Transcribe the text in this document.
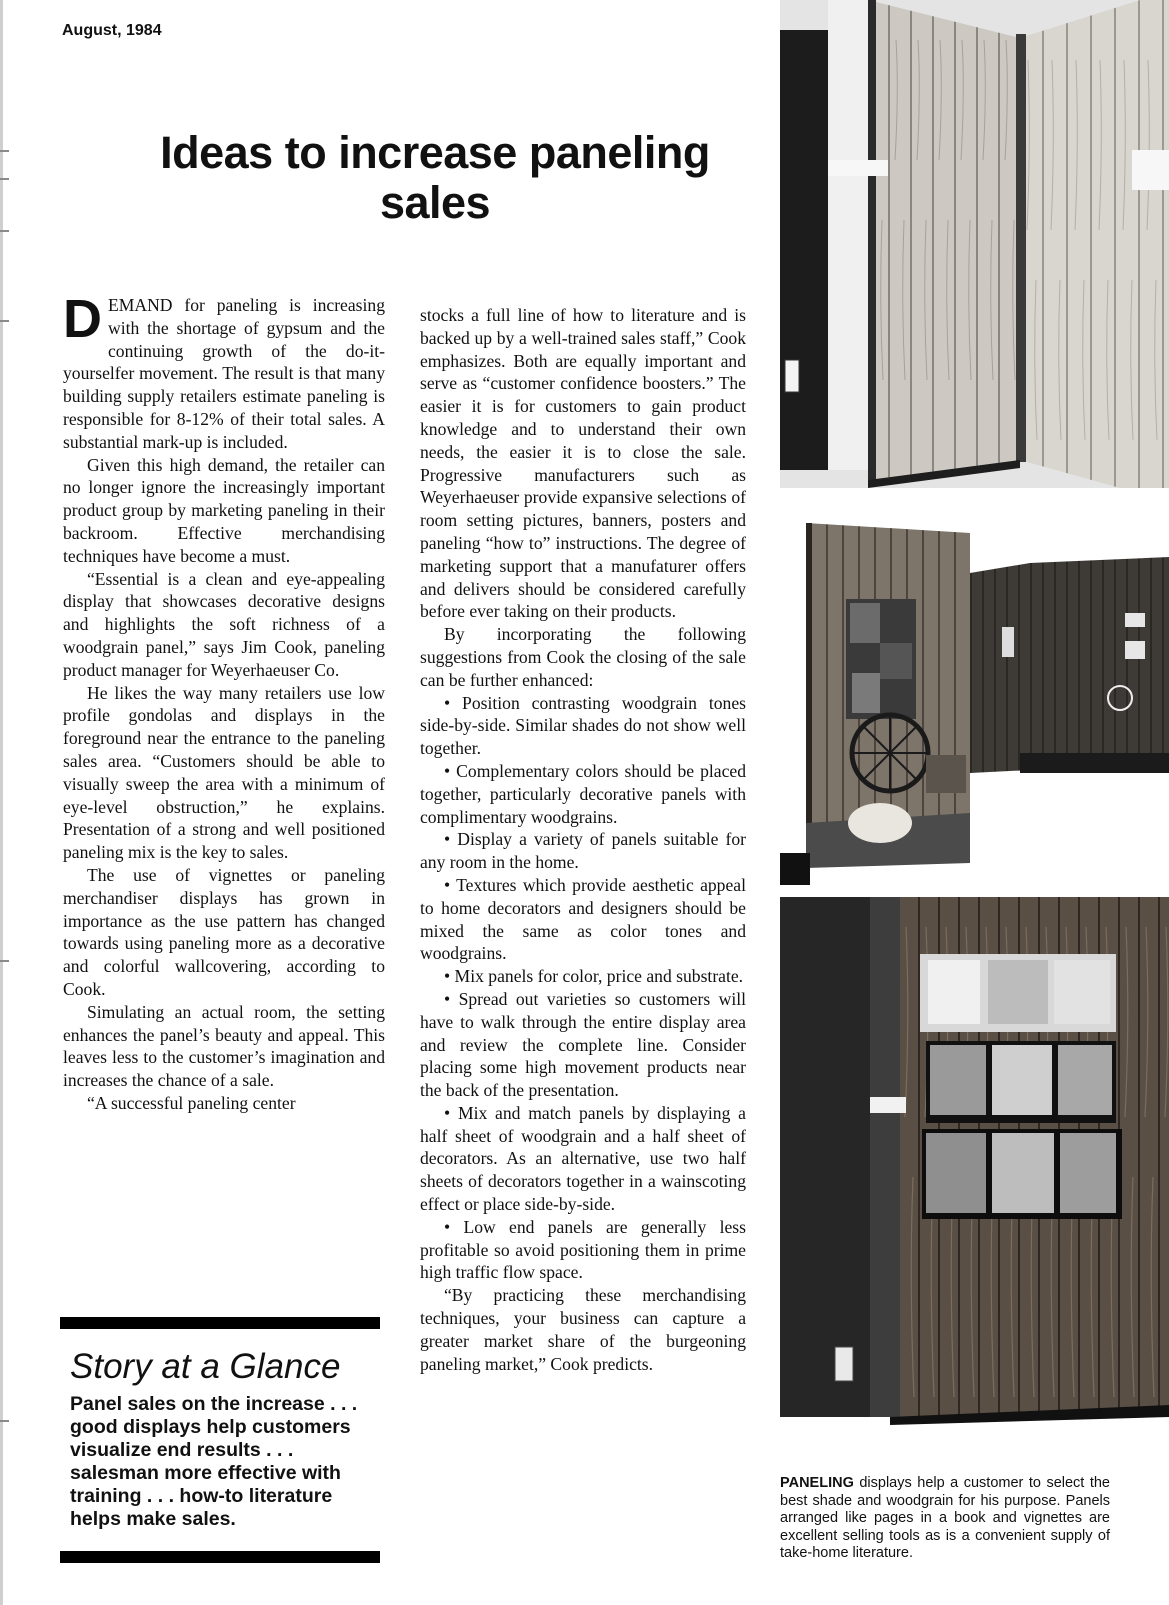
August, 1984
Ideas to increase paneling sales

DEMAND for paneling is increasing with the shortage of gypsum and the continuing growth of the do-it-yourselfer movement. The result is that many building supply retailers estimate paneling is responsible for 8-12% of their total sales. A substantial mark-up is included.

Given this high demand, the retailer can no longer ignore the increasingly important product group by marketing paneling in their backroom. Effective merchandising techniques have become a must.

“Essential is a clean and eye-appealing display that showcases decorative designs and highlights the soft richness of a woodgrain panel,” says Jim Cook, paneling product manager for Weyerhaeuser Co.

He likes the way many retailers use low profile gondolas and displays in the foreground near the entrance to the paneling sales area. “Customers should be able to visually sweep the area with a minimum of eye-level obstruction,” he explains. Presentation of a strong and well positioned paneling mix is the key to sales.

The use of vignettes or paneling merchandiser displays has grown in importance as the use pattern has changed towards using paneling more as a decorative and colorful wallcovering, according to Cook.

Simulating an actual room, the setting enhances the panel’s beauty and appeal. This leaves less to the customer’s imagination and increases the chance of a sale.

“A successful paneling center

stocks a full line of how to literature and is backed up by a well-trained sales staff,” Cook emphasizes. Both are equally important and serve as “customer confidence boosters.” The easier it is for customers to gain product knowledge and to understand their own needs, the easier it is to close the sale. Progressive manufacturers such as Weyerhaeuser provide expansive selections of room setting pictures, banners, posters and paneling “how to” instructions. The degree of marketing support that a manufaturer offers and delivers should be considered carefully before ever taking on their products.

By incorporating the following suggestions from Cook the closing of the sale can be further enhanced:

• Position contrasting woodgrain tones side-by-side. Similar shades do not show well together.

• Complementary colors should be placed together, particularly decorative panels with complimentary woodgrains.

• Display a variety of panels suitable for any room in the home.

• Textures which provide aesthetic appeal to home decorators and designers should be mixed the same as color tones and woodgrains.

• Mix panels for color, price and substrate.

• Spread out varieties so customers will have to walk through the entire display area and review the complete line. Consider placing some high movement products near the back of the presentation.

• Mix and match panels by displaying a half sheet of woodgrain and a half sheet of decorators. As an alternative, use two half sheets of decorators together in a wainscoting effect or place side-by-side.

• Low end panels are generally less profitable so avoid positioning them in prime high traffic flow space.

“By practicing these merchandising techniques, your business can capture a greater market share of the burgeoning paneling market,” Cook predicts.

Story at a Glance
Panel sales on the increase . . . good displays help customers visualize end results . . . salesman more effective with training . . . how-to literature helps make sales.
PANELING displays help a customer to select the best shade and woodgrain for his purpose. Panels arranged like pages in a book and vignettes are excellent selling tools as is a convenient supply of take-home literature.
